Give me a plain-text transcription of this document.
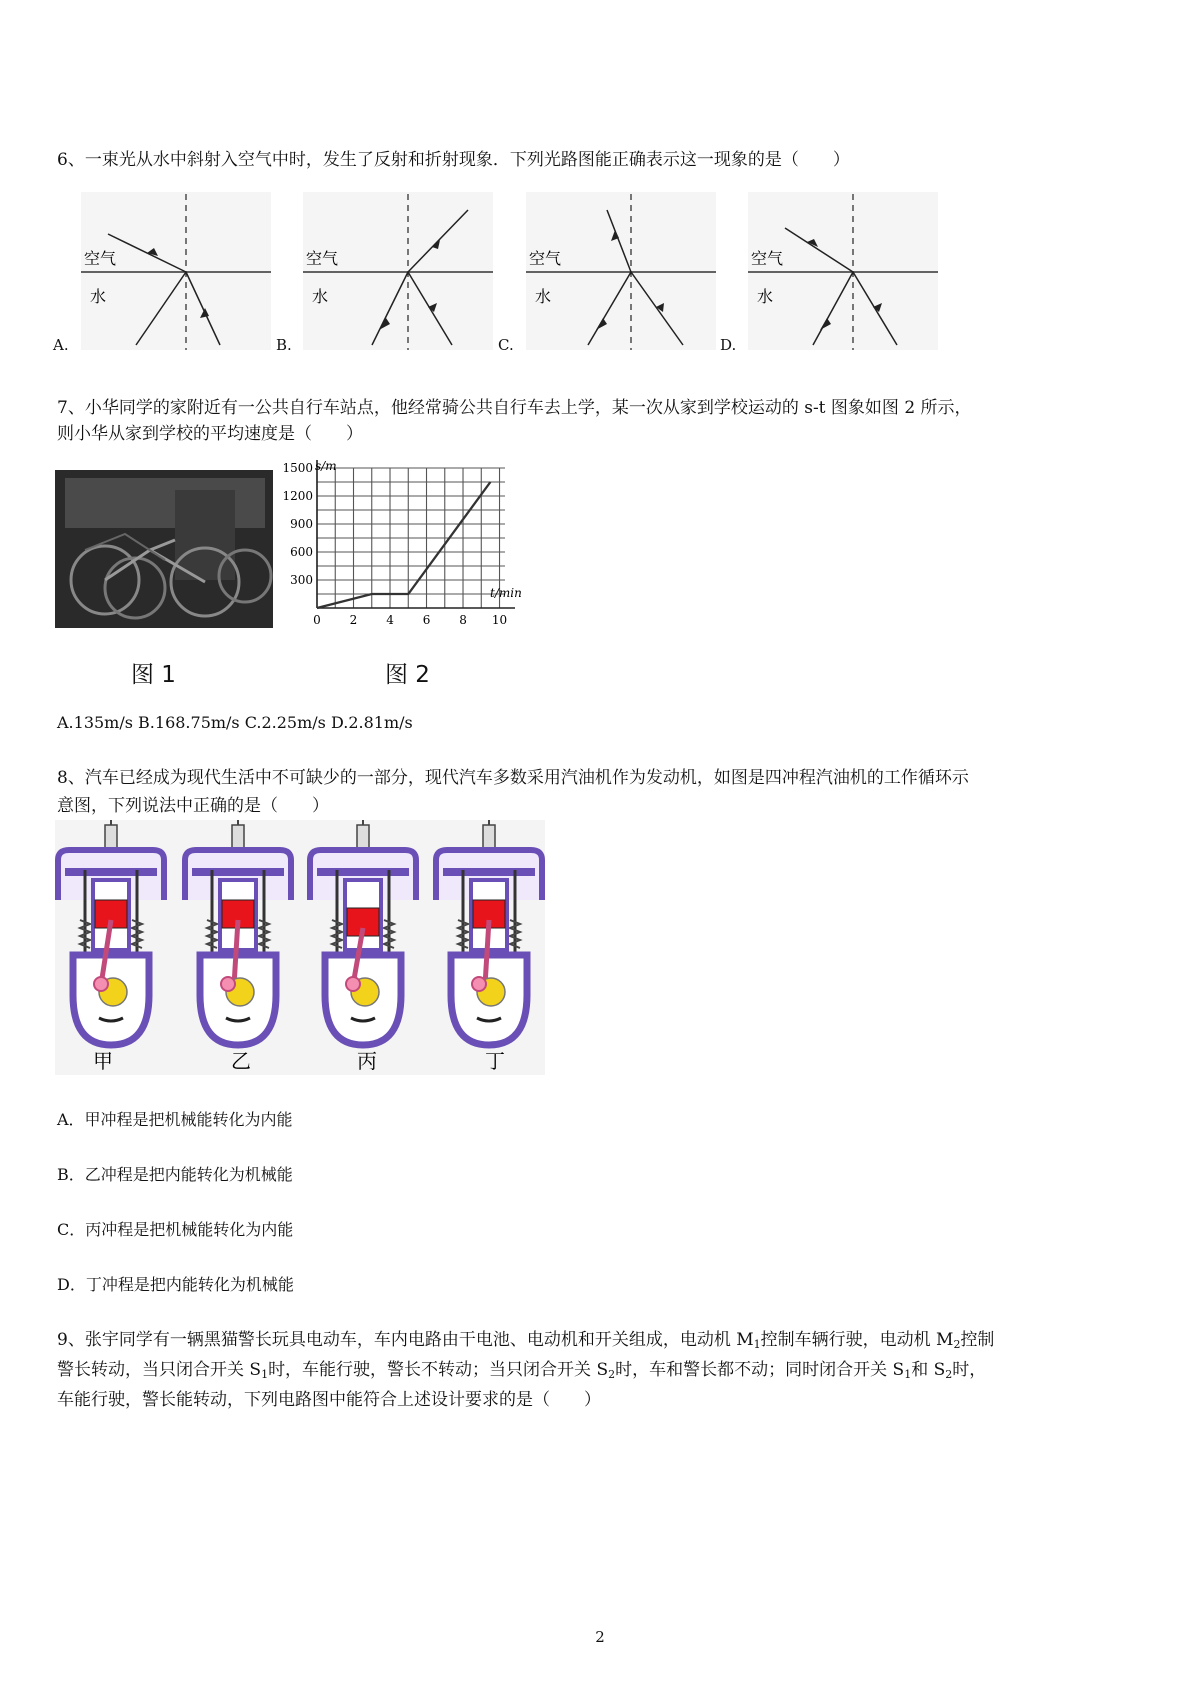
6、一束光从水中斜射入空气中时，发生了反射和折射现象．下列光路图能正确表示这一现象的是（　　）

空气
水
A.
空气
水
B.
空气
水
C.
空气
水
D.

7、小华同学的家附近有一公共自行车站点，他经常骑公共自行车去上学，某一次从家到学校运动的 s-t 图象如图 2 所示，

则小华从家到学校的平均速度是（　　）

300
600
900
1200
1500
0 2 4 6 8 10
s/m
t/min
图 1	图 2

A.135m/s B.168.75m/s C.2.25m/s D.2.81m/s

8、汽车已经成为现代生活中不可缺少的一部分，现代汽车多数采用汽油机作为发动机，如图是四冲程汽油机的工作循环示

意图，下列说法中正确的是（　　）

甲	乙	丙	丁

A．甲冲程是把机械能转化为内能

B．乙冲程是把内能转化为机械能

C．丙冲程是把机械能转化为内能

D．丁冲程是把内能转化为机械能

9、张宇同学有一辆黑猫警长玩具电动车，车内电路由干电池、电动机和开关组成，电动机 $M_1$控制车辆行驶，电动机 $M_2$控制

警长转动，当只闭合开关 $S_1$时，车能行驶，警长不转动；当只闭合开关 $S_2$时，车和警长都不动；同时闭合开关 $S_1$和 $S_2$时，

车能行驶，警长能转动，下列电路图中能符合上述设计要求的是（　　）

2
